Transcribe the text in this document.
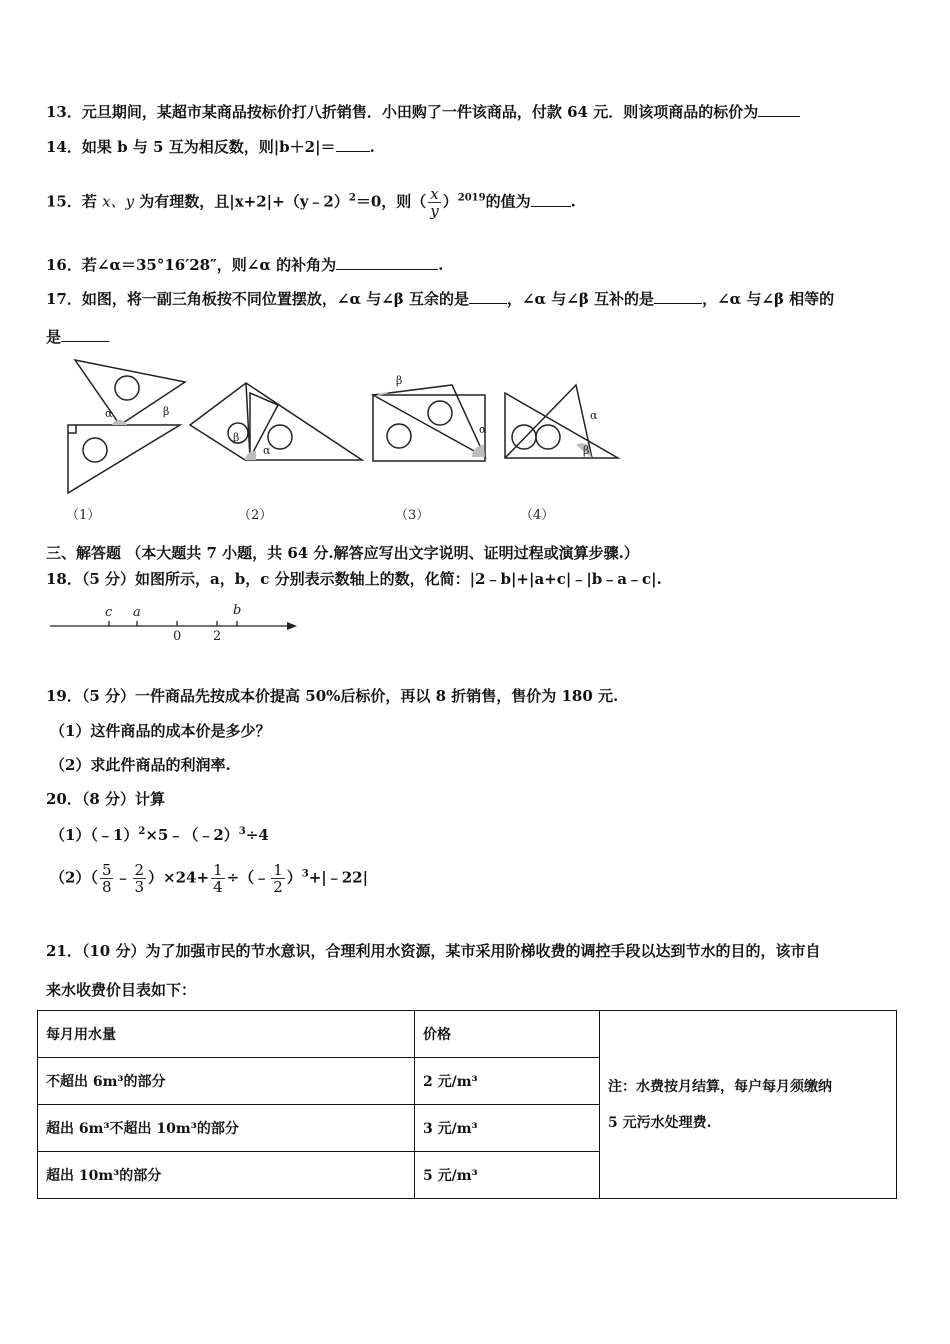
13．元旦期间，某超市某商品按标价打八折销售．小田购了一件该商品，付款 64 元．则该项商品的标价为
14．如果 b 与 5 互为相反数，则|b＋2|＝ .
15．若 x、y 为有理数，且|x+2|+（y﹣2）$^2$＝0，则（ $\frac{x}{y} )^{2019}$的值为	.
16．若∠α＝35°16′28″，则∠α 的补角为	.
17．如图，将一副三角板按不同位置摆放，∠α 与∠β 互余的是	，∠α 与∠β 互补的是	，∠α 与∠β 相等的
是
α	β
β
α
β
α
α
β
（1）	（2）	（3）	（4）
三、解答题 （本大题共 7 小题，共 64 分.解答应写出文字说明、证明过程或演算步骤.）
18．（5 分）如图所示，a，b，c 分别表示数轴上的数，化简：|2﹣b|+|a+c|﹣|b﹣a﹣c|.
c a	b
0 2
19．（5 分）一件商品先按成本价提高 50%后标价，再以 8 折销售，售价为 180 元.
（1）这件商品的成本价是多少？
（2）求此件商品的利润率.
20．（8 分）计算
（1）（﹣1）$^2$×5﹣（﹣2）$^3$÷4
$(2)( \frac{5}{8}$ ﹣ $\frac{2}{3} )\times 24+ \frac{1}{4}$ ÷（﹣ $\frac{1}{2}$ ）$^3$+|﹣22|
21．（10 分）为了加强市民的节水意识，合理利用水资源，某市采用阶梯收费的调控手段以达到节水的目的，该市自
来水收费价目表如下：
每月用水量	价格	注：水费按月结算，每户每月须缴纳
5 元污水处理费.

不超出 6m³的部分	2 元/m³	
超出 6m³不超出 10m³的部分	3 元/m³	
超出 10m³的部分	5 元/m³	
